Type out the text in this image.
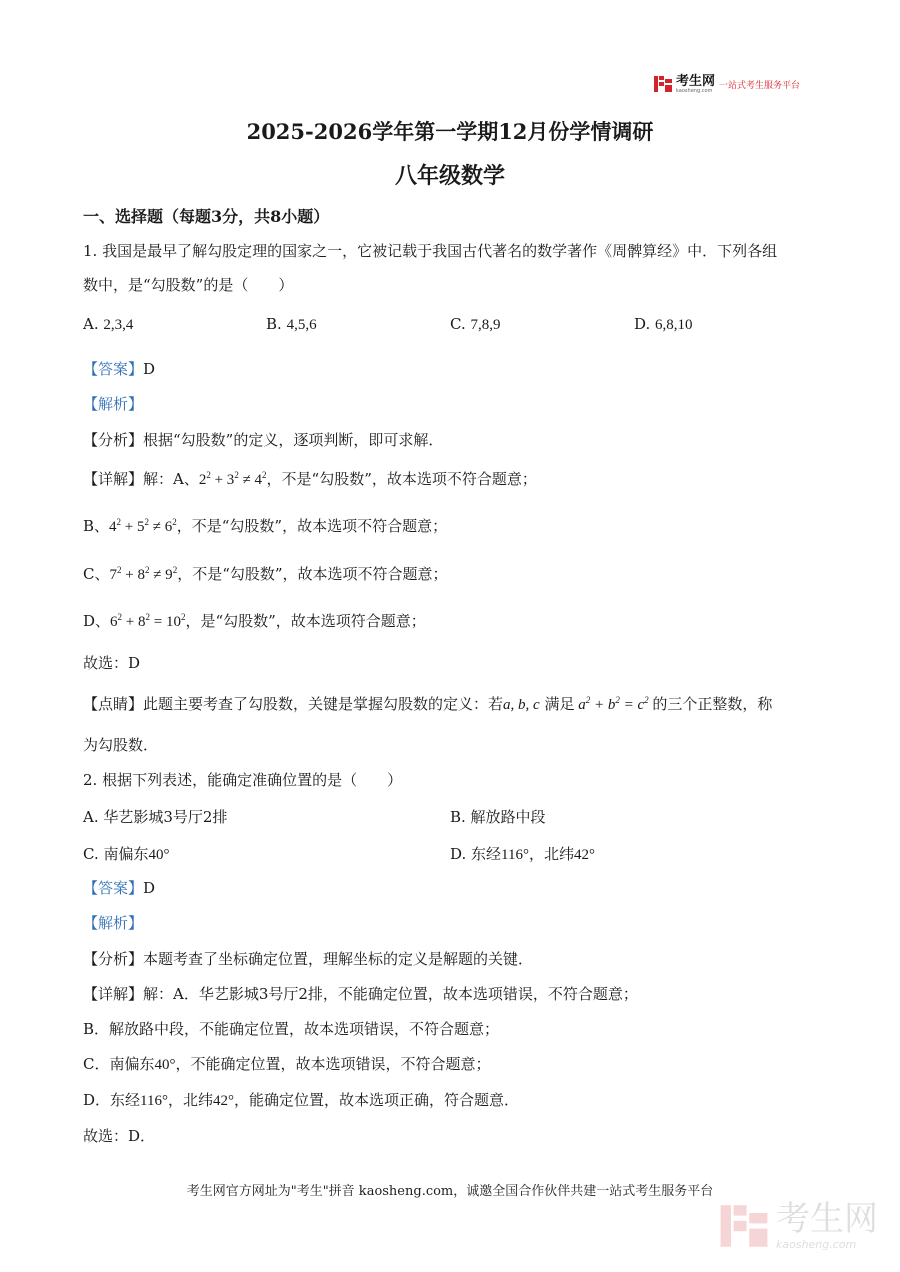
考生网
kaosheng.com 一站式考生服务平台
2025-2026学年第一学期12月份学情调研
八年级数学
一、选择题（每题3分，共8小题）
1. 我国是最早了解勾股定理的国家之一，它被记载于我国古代著名的数学著作《周髀算经》中．下列各组
数中，是“勾股数”的是（　　）
A. 2,3,4	B. 4,5,6	C. 7,8,9	D. 6,8,10
【答案】D
【解析】
【分析】根据“勾股数”的定义，逐项判断，即可求解．
【详解】解：A、$2^2 + 3^2 \ne 4^2$，不是“勾股数”，故本选项不符合题意；
B、$4^2 + 5^2 \ne 6^2$，不是“勾股数”，故本选项不符合题意；
C、$7^2 + 8^2 \ne 9^2$，不是“勾股数”，故本选项不符合题意；
D、$6^2 + 8^2 = 10^2$，是“勾股数”，故本选项符合题意；
故选：D
【点睛】此题主要考查了勾股数，关键是掌握勾股数的定义：若a, b, c 满足 $a^2 + b^2 = c^2$ 的三个正整数，称
为勾股数．
2. 根据下列表述，能确定准确位置的是（　　）
A. 华艺影城3号厅2排	B. 解放路中段
C. 南偏东40°	D. 东经116°，北纬42°
【答案】D
【解析】
【分析】本题考查了坐标确定位置，理解坐标的定义是解题的关键．
【详解】解：A．华艺影城3号厅2排，不能确定位置，故本选项错误，不符合题意；
B．解放路中段，不能确定位置，故本选项错误，不符合题意；
C．南偏东40°，不能确定位置，故本选项错误，不符合题意；
D．东经116°，北纬42°，能确定位置，故本选项正确，符合题意．
故选：D．
考生网官方网址为"考生"拼音 kaosheng.com，诚邀全国合作伙伴共建一站式考生服务平台
考生网
kaosheng.com
